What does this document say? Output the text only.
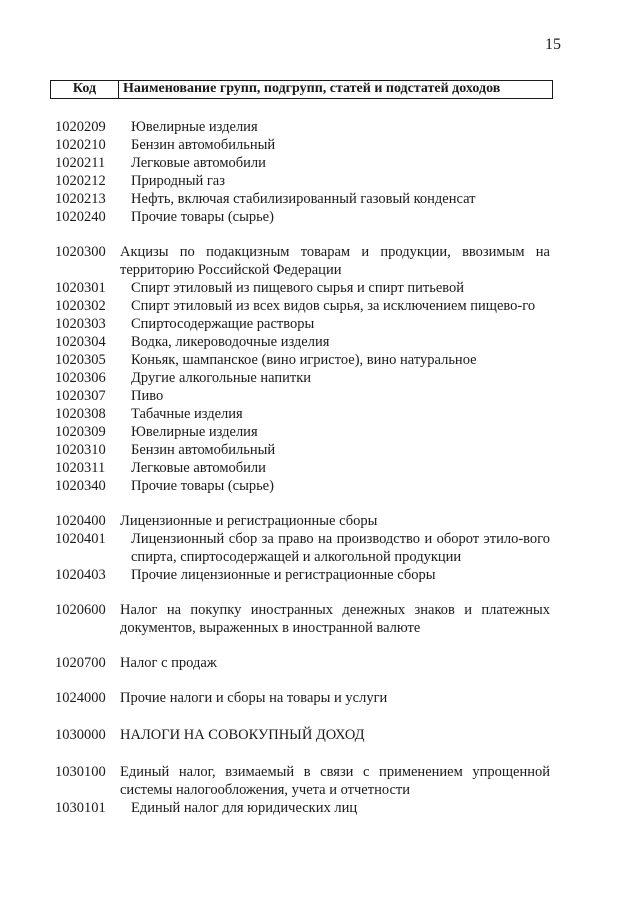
15
Код	Наименование групп, подгрупп, статей и подстатей доходов
1020209	Ювелирные изделия
1020210	Бензин автомобильный
1020211	Легковые автомобили
1020212	Природный газ
1020213	Нефть, включая стабилизированный газовый конденсат
1020240	Прочие товары (сырье)
1020300 Акцизы по подакцизным товарам и продукции, ввозимым на территорию Российской Федерации
1020301	Спирт этиловый из пищевого сырья и спирт питьевой
1020302	Спирт этиловый из всех видов сырья, за исключением пищево-го
1020303	Спиртосодержащие растворы
1020304	Водка, ликероводочные изделия
1020305	Коньяк, шампанское (вино игристое), вино натуральное
1020306	Другие алкогольные напитки
1020307	Пиво
1020308	Табачные изделия
1020309	Ювелирные изделия
1020310	Бензин автомобильный
1020311	Легковые автомобили
1020340	Прочие товары (сырье)
1020400 Лицензионные и регистрационные сборы
1020401	Лицензионный сбор за право на производство и оборот этило-вого спирта, спиртосодержащей и алкогольной продукции
1020403	Прочие лицензионные и регистрационные сборы
1020600 Налог на покупку иностранных денежных знаков и платежных документов, выраженных в иностранной валюте
1020700 Налог с продаж
1024000 Прочие налоги и сборы на товары и услуги
1030000 НАЛОГИ НА СОВОКУПНЫЙ ДОХОД
1030100 Единый налог, взимаемый в связи с применением упрощенной системы налогообложения, учета и отчетности
1030101	Единый налог для юридических лиц
